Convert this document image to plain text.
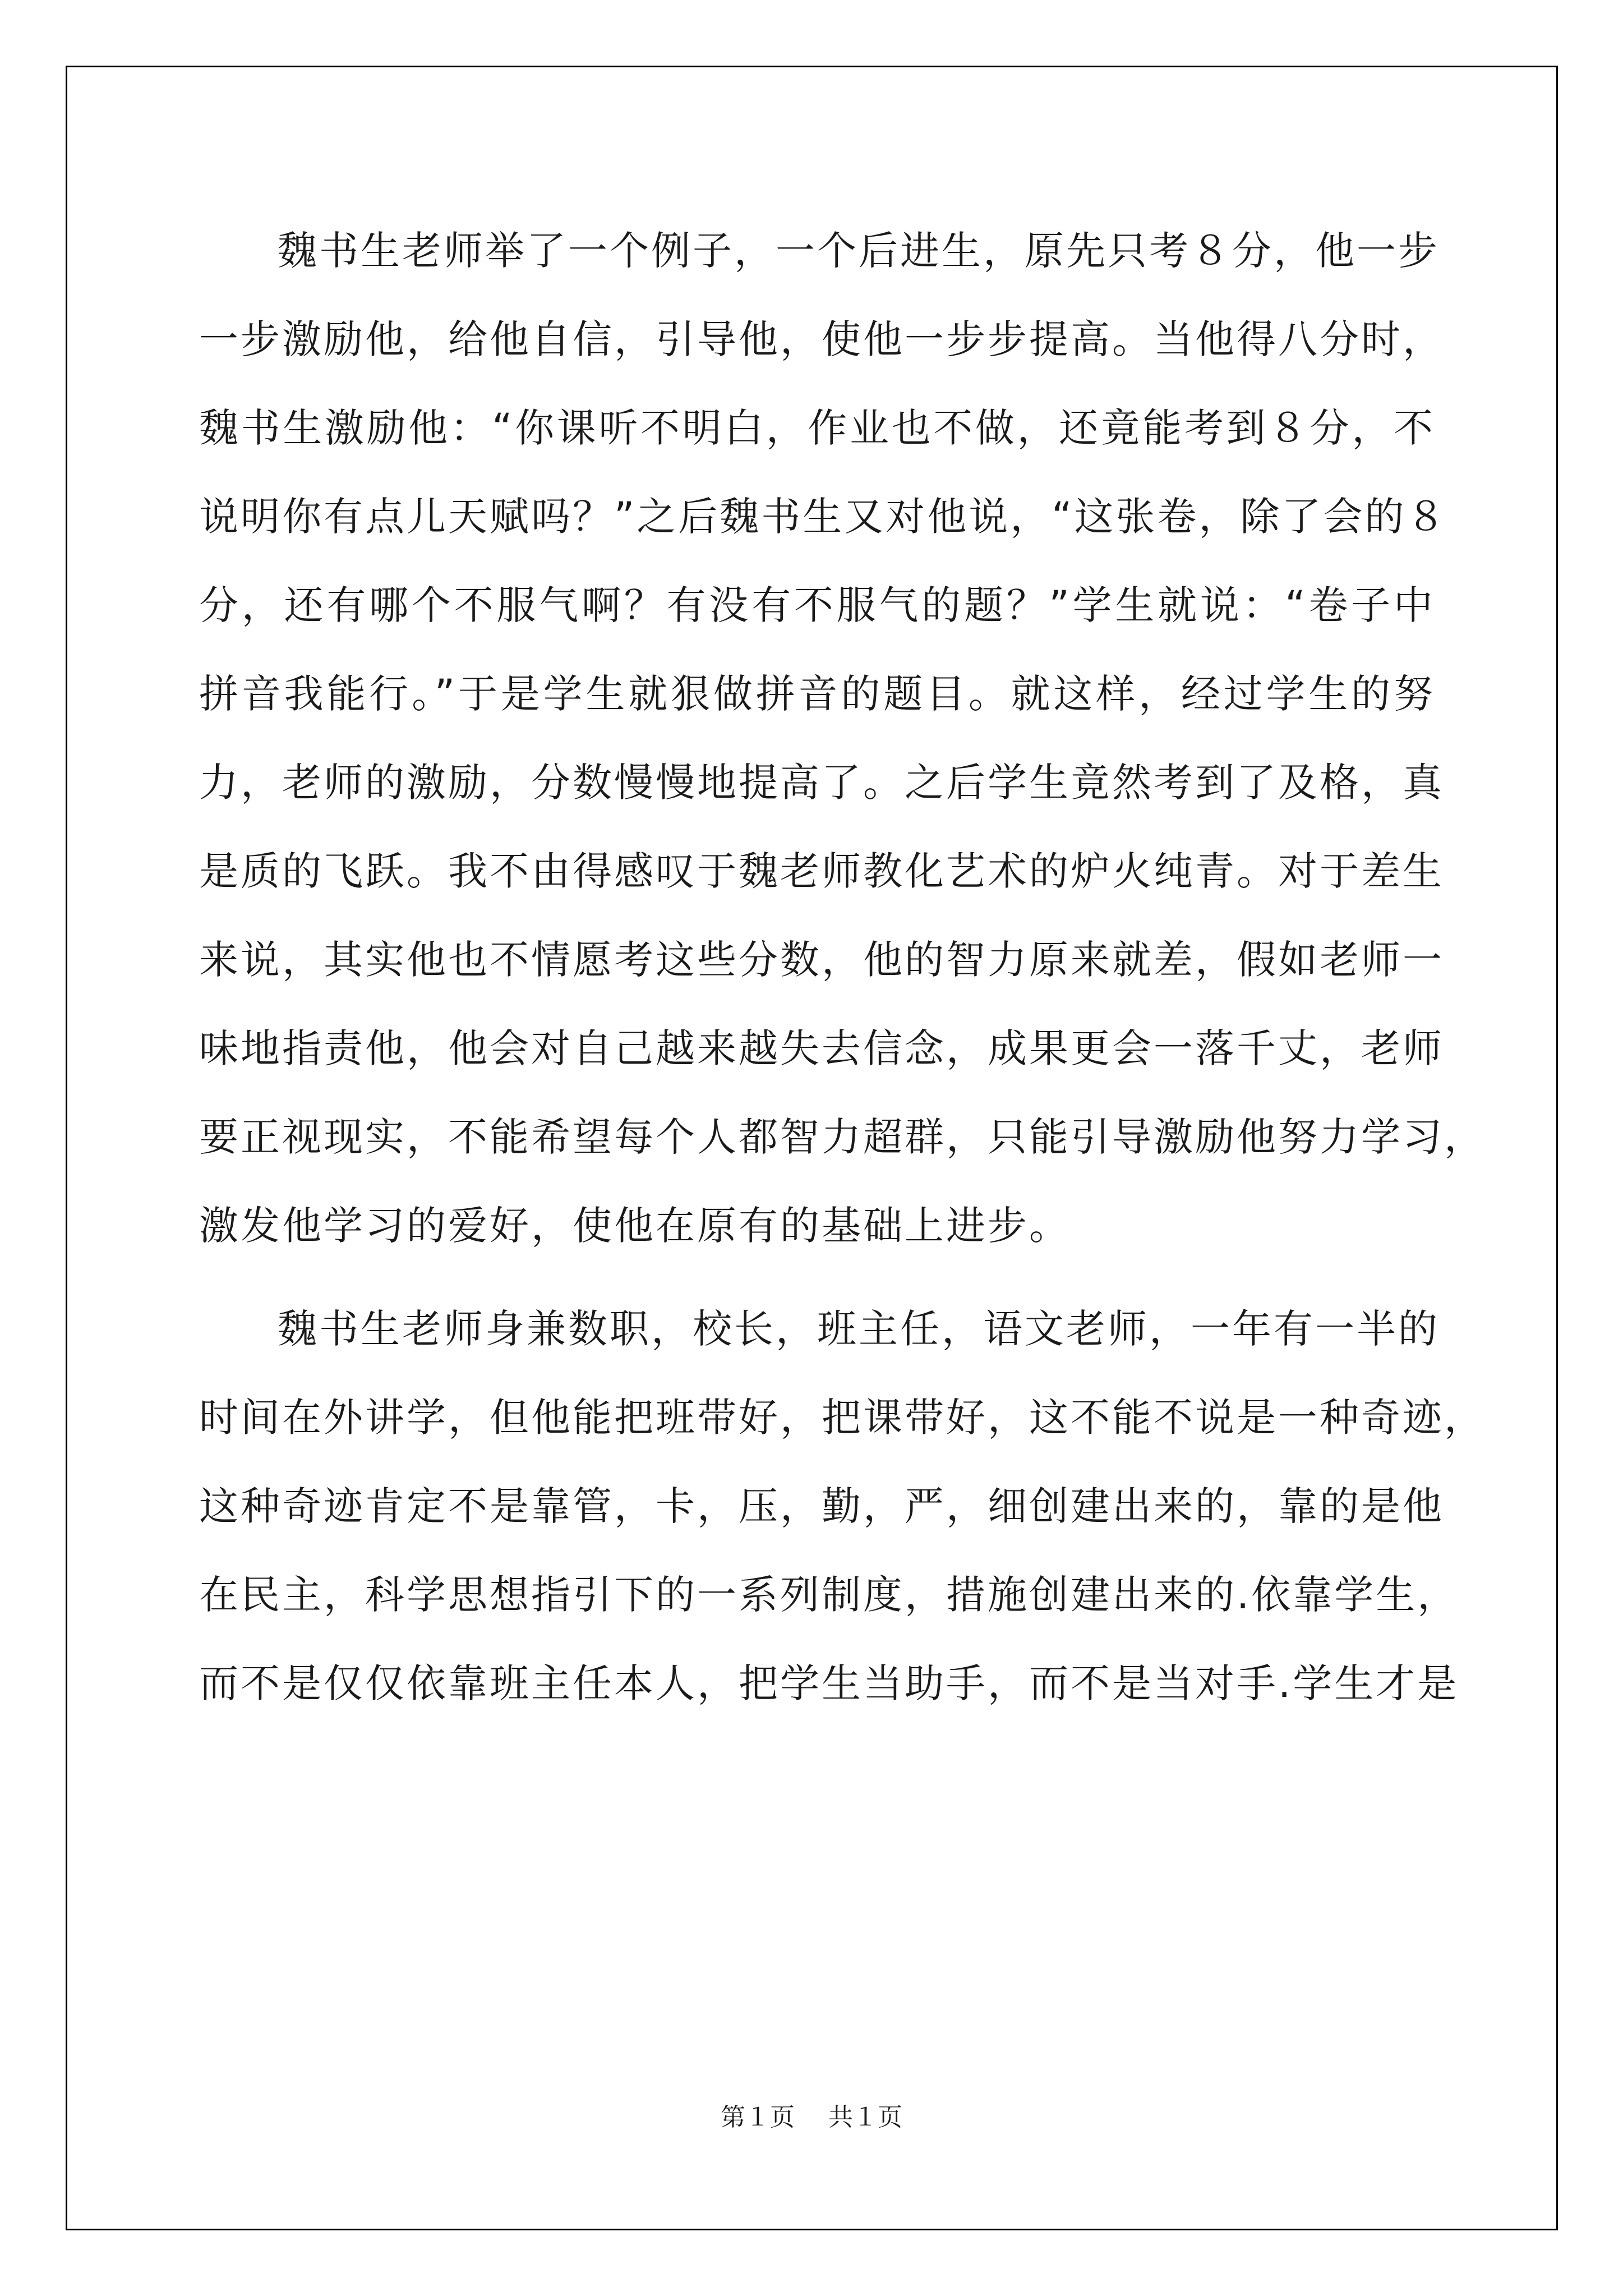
魏书生老师举了一个例子，一个后进生，原先只考８分，他一步
一步激励他，给他自信，引导他，使他一步步提高。当他得八分时，
魏书生激励他：“你课听不明白，作业也不做，还竟能考到８分，不
说明你有点儿天赋吗？”之后魏书生又对他说，“这张卷，除了会的８
分，还有哪个不服气啊？有没有不服气的题？”学生就说：“卷子中
拼音我能行。”于是学生就狠做拼音的题目。就这样，经过学生的努
力，老师的激励，分数慢慢地提高了。之后学生竟然考到了及格，真
是质的飞跃。我不由得感叹于魏老师教化艺术的炉火纯青。对于差生
来说，其实他也不情愿考这些分数，他的智力原来就差，假如老师一
味地指责他，他会对自己越来越失去信念，成果更会一落千丈，老师
要正视现实，不能希望每个人都智力超群，只能引导激励他努力学习，
激发他学习的爱好，使他在原有的基础上进步。
魏书生老师身兼数职，校长，班主任，语文老师，一年有一半的
时间在外讲学，但他能把班带好，把课带好，这不能不说是一种奇迹，
这种奇迹肯定不是靠管，卡，压，勤，严，细创建出来的，靠的是他
在民主，科学思想指引下的一系列制度，措施创建出来的.依靠学生，
而不是仅仅依靠班主任本人，把学生当助手，而不是当对手.学生才是
第１页 共１页
